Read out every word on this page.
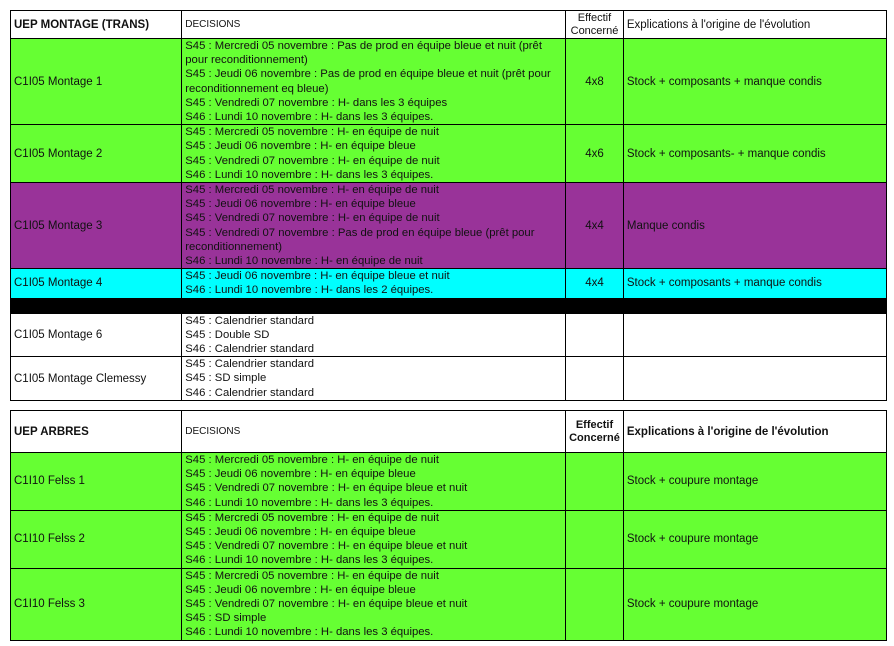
UEP MONTAGE (TRANS)	DECISIONS	Effectif
Concerné	Explications à l'origine de l'évolution
C1I05 Montage 1	S45 : Mercredi 05 novembre : Pas de prod en équipe bleue et nuit (prêt pour reconditionnement)
S45 : Jeudi 06 novembre : Pas de prod en équipe bleue et nuit (prêt pour reconditionnement eq bleue)
S45 : Vendredi 07 novembre : H- dans les 3 équipes
S46 : Lundi 10 novembre : H- dans les 3 équipes.	4x8	Stock + composants + manque condis
C1I05 Montage 2	S45 : Mercredi 05 novembre : H- en équipe de nuit
S45 : Jeudi 06 novembre : H- en équipe bleue
S45 : Vendredi 07 novembre : H- en équipe de nuit
S46 : Lundi 10 novembre : H- dans les 3 équipes.	4x6	Stock + composants- + manque condis
C1I05 Montage 3	S45 : Mercredi 05 novembre : H- en équipe de nuit
S45 : Jeudi 06 novembre : H- en équipe bleue
S45 : Vendredi 07 novembre : H- en équipe de nuit
S45 : Vendredi 07 novembre : Pas de prod en équipe bleue (prêt pour reconditionnement)
S46 : Lundi 10 novembre : H- en équipe de nuit	4x4	Manque condis
C1I05 Montage 4	S45 : Jeudi 06 novembre : H- en équipe bleue et nuit
S46 : Lundi 10 novembre : H- dans les 2 équipes.	4x4	Stock + composants + manque condis

C1I05 Montage 6	S45 : Calendrier standard
S45 : Double SD
S46 : Calendrier standard		

C1I05 Montage Clemessy	S45 : Calendrier standard
S45 : SD simple
S46 : Calendrier standard		

UEP ARBRES	DECISIONS	Effectif
Concerné	Explications à l'origine de l'évolution
C1I10 Felss 1	S45 : Mercredi 05 novembre : H- en équipe de nuit
S45 : Jeudi 06 novembre : H- en équipe bleue
S45 : Vendredi 07 novembre : H- en équipe bleue et nuit
S46 : Lundi 10 novembre : H- dans les 3 équipes.		Stock + coupure montage
C1I10 Felss 2	S45 : Mercredi 05 novembre : H- en équipe de nuit
S45 : Jeudi 06 novembre : H- en équipe bleue
S45 : Vendredi 07 novembre : H- en équipe bleue et nuit
S46 : Lundi 10 novembre : H- dans les 3 équipes.		Stock + coupure montage
C1I10 Felss 3	S45 : Mercredi 05 novembre : H- en équipe de nuit
S45 : Jeudi 06 novembre : H- en équipe bleue
S45 : Vendredi 07 novembre : H- en équipe bleue et nuit
S45 : SD simple
S46 : Lundi 10 novembre : H- dans les 3 équipes.		Stock + coupure montage
